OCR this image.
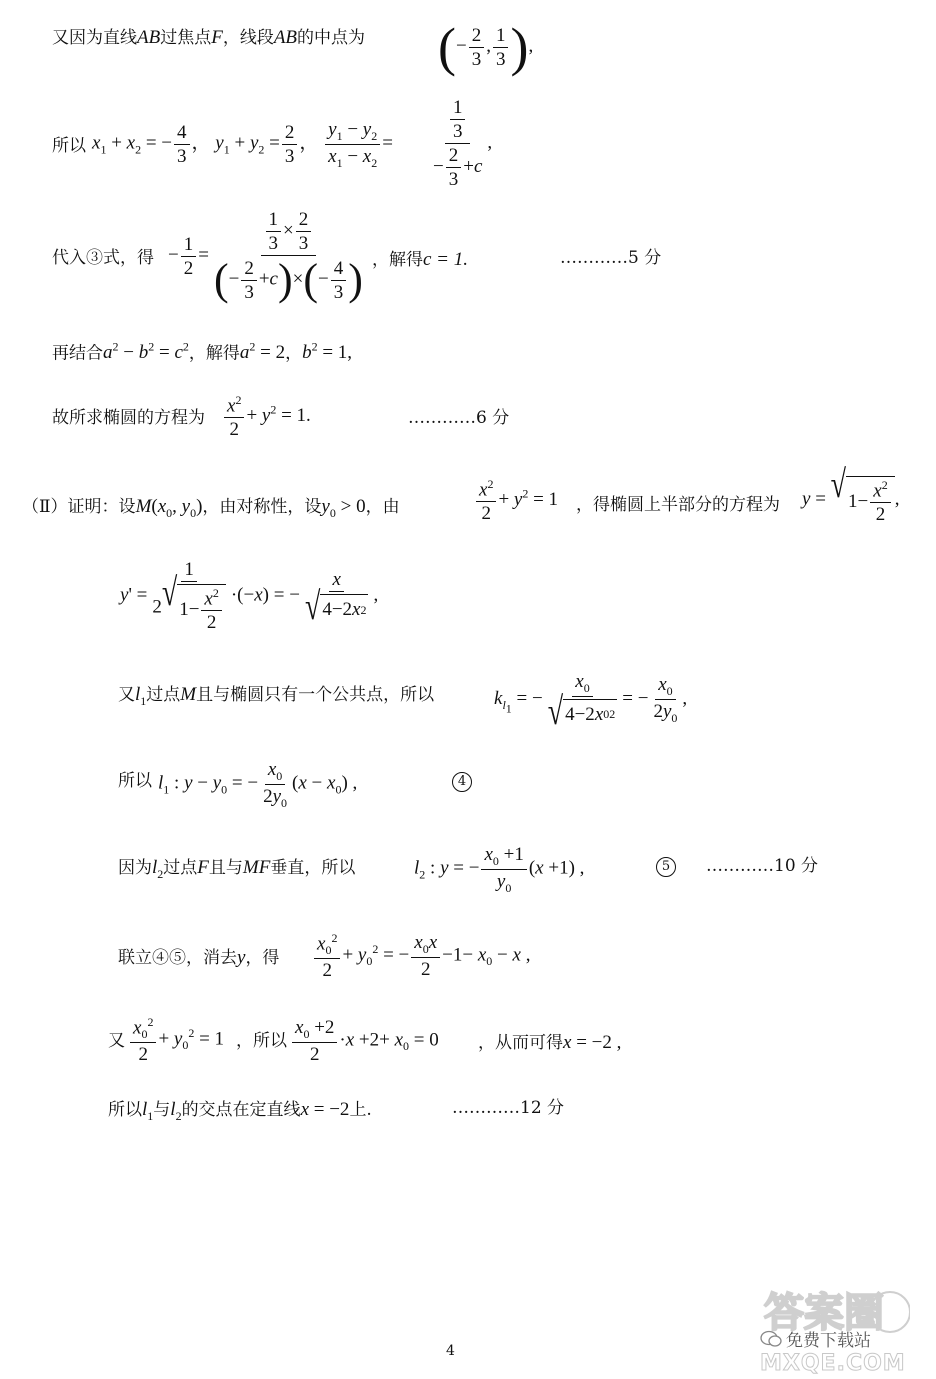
又因为直线AB过焦点F，线段AB的中点为 (− $\frac{2}{3}$ , $\frac{1}{3}$ ),
所以 $x_1 + x_2$ = − $\frac{4}{3}$ ， $y_1 + y_2 = \frac{2}{3}$ ， $\frac{y_1 - y_2}{x_1 - x_2} = \frac{\frac{1}{3}}{- \frac{2}{3} +c}$ ,
代入③式，得 − $\frac{1}{2} = \frac{\frac{1}{3} \times \frac{2}{3}}{(- \frac{2}{3} +c)\times(- \frac{4}{3} )}$ ，解得c = 1.	…………5 分
再结合$a^2 - b^2 = c^2$，解得$a^2 = 2$，$b^2 = 1$,
故所求椭圆的方程为 $\frac{x^2}{2} + y^2 = 1$.	…………6 分
（Ⅱ）证明：设$M(x_0$, $y_0$)，由对称性，设$y_0 > 0$，由	$\frac{x^2}{2} + y^2 = 1$ ，得椭圆上半部分的方程为 y = √ $1- \frac{x^2}{2}$ ,
$y' = \frac{1}{2 √ 1- \frac{x^2}{2}} \cdot(-x)$ = − $\frac{x}{√ 4-2 x 2}$ ,
又$l_1$过点M且与椭圆只有一个公共点，所以	$k_{l_1}$ = − $\frac{x_0}{√ 4-2 x 0 2}$ = − $\frac{x_0}{2y_0}$ ,
所以 $l_1$ : $y - y_0$ = − $\frac{x_0}{2y_0} (x - x_0)$ ,	4
因为$l_2$过点F且与MF垂直，所以	$l_2$ : y = − $\frac{x_0 +1}{y_0} (x +1)$ ,	5	…………10 分
联立④⑤，消去y，得 $\frac{x_0^2}{2} + y_0^2$ = − $\frac{x_0x}{2} -1- x_0 - x$ ,
又 $\frac{x_0^2}{2} + y_0^2 = 1$ ，所以 $\frac{x_0 +2}{2} \cdot x +2+ x_0 = 0$ ，从而可得x = −2 ,
所以$l_1$与$l_2$的交点在定直线x = −2上.	…………12 分
4
答案圈
免费下载站
MXQE.COM
